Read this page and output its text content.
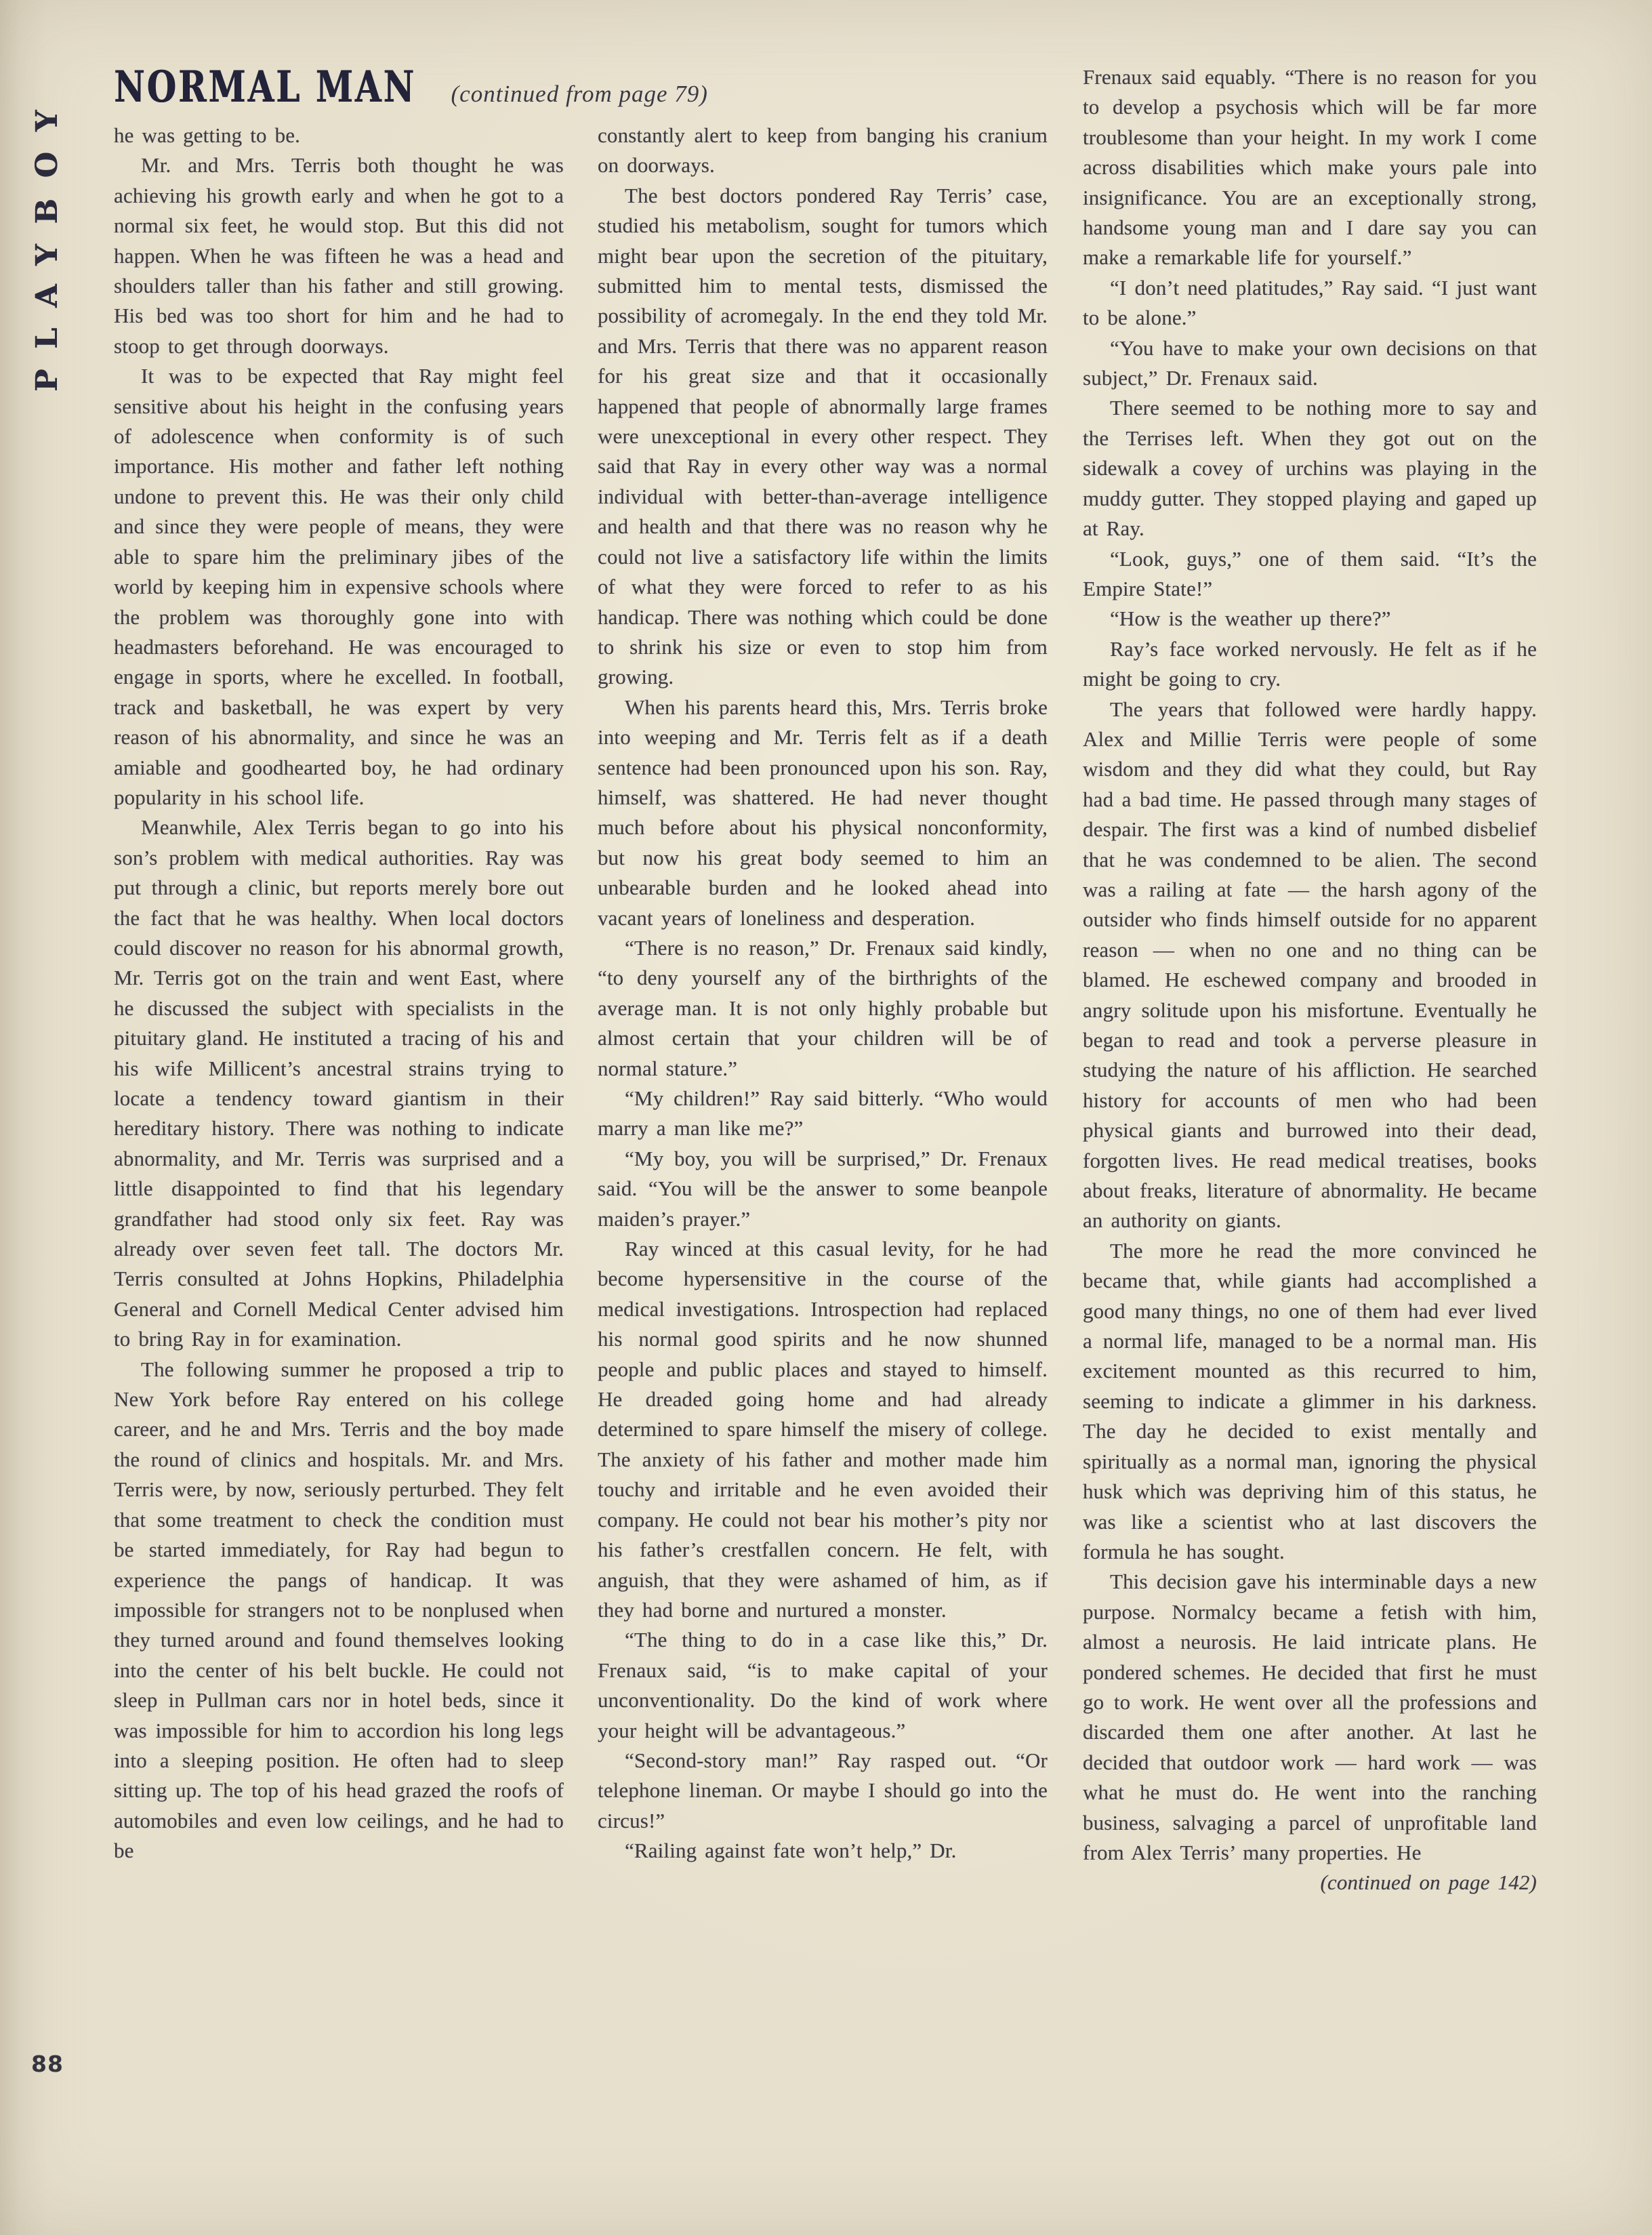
PLAYBOY
NORMAL MAN (continued from page 79)

he was getting to be.

Mr. and Mrs. Terris both thought he was achieving his growth early and when he got to a normal six feet, he would stop. But this did not happen. When he was fifteen he was a head and shoulders taller than his father and still growing. His bed was too short for him and he had to stoop to get through doorways.

It was to be expected that Ray might feel sensitive about his height in the confusing years of adolescence when conformity is of such importance. His mother and father left nothing undone to prevent this. He was their only child and since they were people of means, they were able to spare him the preliminary jibes of the world by keeping him in expensive schools where the problem was thoroughly gone into with headmasters beforehand. He was encouraged to engage in sports, where he excelled. In football, track and basketball, he was expert by very reason of his abnormality, and since he was an amiable and goodhearted boy, he had ordinary popularity in his school life.

Meanwhile, Alex Terris began to go into his son’s problem with medical authorities. Ray was put through a clinic, but reports merely bore out the fact that he was healthy. When local doctors could discover no reason for his abnormal growth, Mr. Terris got on the train and went East, where he discussed the subject with specialists in the pituitary gland. He instituted a tracing of his and his wife Millicent’s ancestral strains trying to locate a tendency toward giantism in their hereditary history. There was nothing to indicate abnormality, and Mr. Terris was surprised and a little disappointed to find that his legendary grandfather had stood only six feet. Ray was already over seven feet tall. The doctors Mr. Terris consulted at Johns Hopkins, Philadelphia General and Cornell Medical Center advised him to bring Ray in for examination.

The following summer he proposed a trip to New York before Ray entered on his college career, and he and Mrs. Terris and the boy made the round of clinics and hospitals. Mr. and Mrs. Terris were, by now, seriously perturbed. They felt that some treatment to check the condition must be started immediately, for Ray had begun to experience the pangs of handicap. It was impossible for strangers not to be nonplused when they turned around and found themselves looking into the center of his belt buckle. He could not sleep in Pullman cars nor in hotel beds, since it was impossible for him to accordion his long legs into a sleeping position. He often had to sleep sitting up. The top of his head grazed the roofs of automobiles and even low ceilings, and he had to be

constantly alert to keep from banging his cranium on doorways.

The best doctors pondered Ray Terris’ case, studied his metabolism, sought for tumors which might bear upon the secretion of the pituitary, submitted him to mental tests, dismissed the possibility of acromegaly. In the end they told Mr. and Mrs. Terris that there was no apparent reason for his great size and that it occasionally happened that people of abnormally large frames were unexceptional in every other respect. They said that Ray in every other way was a normal individual with better-than-average intelligence and health and that there was no reason why he could not live a satisfactory life within the limits of what they were forced to refer to as his handicap. There was nothing which could be done to shrink his size or even to stop him from growing.

When his parents heard this, Mrs. Terris broke into weeping and Mr. Terris felt as if a death sentence had been pronounced upon his son. Ray, himself, was shattered. He had never thought much before about his physical nonconformity, but now his great body seemed to him an unbearable burden and he looked ahead into vacant years of loneliness and desperation.

“There is no reason,” Dr. Frenaux said kindly, “to deny yourself any of the birthrights of the average man. It is not only highly probable but almost certain that your children will be of normal stature.”

“My children!” Ray said bitterly. “Who would marry a man like me?”

“My boy, you will be surprised,” Dr. Frenaux said. “You will be the answer to some beanpole maiden’s prayer.”

Ray winced at this casual levity, for he had become hypersensitive in the course of the medical investigations. Introspection had replaced his normal good spirits and he now shunned people and public places and stayed to himself. He dreaded going home and had already determined to spare himself the misery of college. The anxiety of his father and mother made him touchy and irritable and he even avoided their company. He could not bear his mother’s pity nor his father’s crestfallen concern. He felt, with anguish, that they were ashamed of him, as if they had borne and nurtured a monster.

“The thing to do in a case like this,” Dr. Frenaux said, “is to make capital of your unconventionality. Do the kind of work where your height will be advantageous.”

“Second-story man!” Ray rasped out. “Or telephone lineman. Or maybe I should go into the circus!”

“Railing against fate won’t help,” Dr.

Frenaux said equably. “There is no reason for you to develop a psychosis which will be far more troublesome than your height. In my work I come across disabilities which make yours pale into insignificance. You are an exceptionally strong, handsome young man and I dare say you can make a remarkable life for yourself.”

“I don’t need platitudes,” Ray said. “I just want to be alone.”

“You have to make your own decisions on that subject,” Dr. Frenaux said.

There seemed to be nothing more to say and the Terrises left. When they got out on the sidewalk a covey of urchins was playing in the muddy gutter. They stopped playing and gaped up at Ray.

“Look, guys,” one of them said. “It’s the Empire State!”

“How is the weather up there?”

Ray’s face worked nervously. He felt as if he might be going to cry.

The years that followed were hardly happy. Alex and Millie Terris were people of some wisdom and they did what they could, but Ray had a bad time. He passed through many stages of despair. The first was a kind of numbed disbelief that he was condemned to be alien. The second was a railing at fate — the harsh agony of the outsider who finds himself outside for no apparent reason — when no one and no thing can be blamed. He eschewed company and brooded in angry solitude upon his misfortune. Eventually he began to read and took a perverse pleasure in studying the nature of his affliction. He searched history for accounts of men who had been physical giants and burrowed into their dead, forgotten lives. He read medical treatises, books about freaks, literature of abnormality. He became an authority on giants.

The more he read the more convinced he became that, while giants had accomplished a good many things, no one of them had ever lived a normal life, managed to be a normal man. His excitement mounted as this recurred to him, seeming to indicate a glimmer in his darkness. The day he decided to exist mentally and spiritually as a normal man, ignoring the physical husk which was depriving him of this status, he was like a scientist who at last discovers the formula he has sought.

This decision gave his interminable days a new purpose. Normalcy became a fetish with him, almost a neurosis. He laid intricate plans. He pondered schemes. He decided that first he must go to work. He went over all the professions and discarded them one after another. At last he decided that outdoor work — hard work — was what he must do. He went into the ranching business, salvaging a parcel of unprofitable land from Alex Terris’ many properties. He

(continued on page 142)

88
